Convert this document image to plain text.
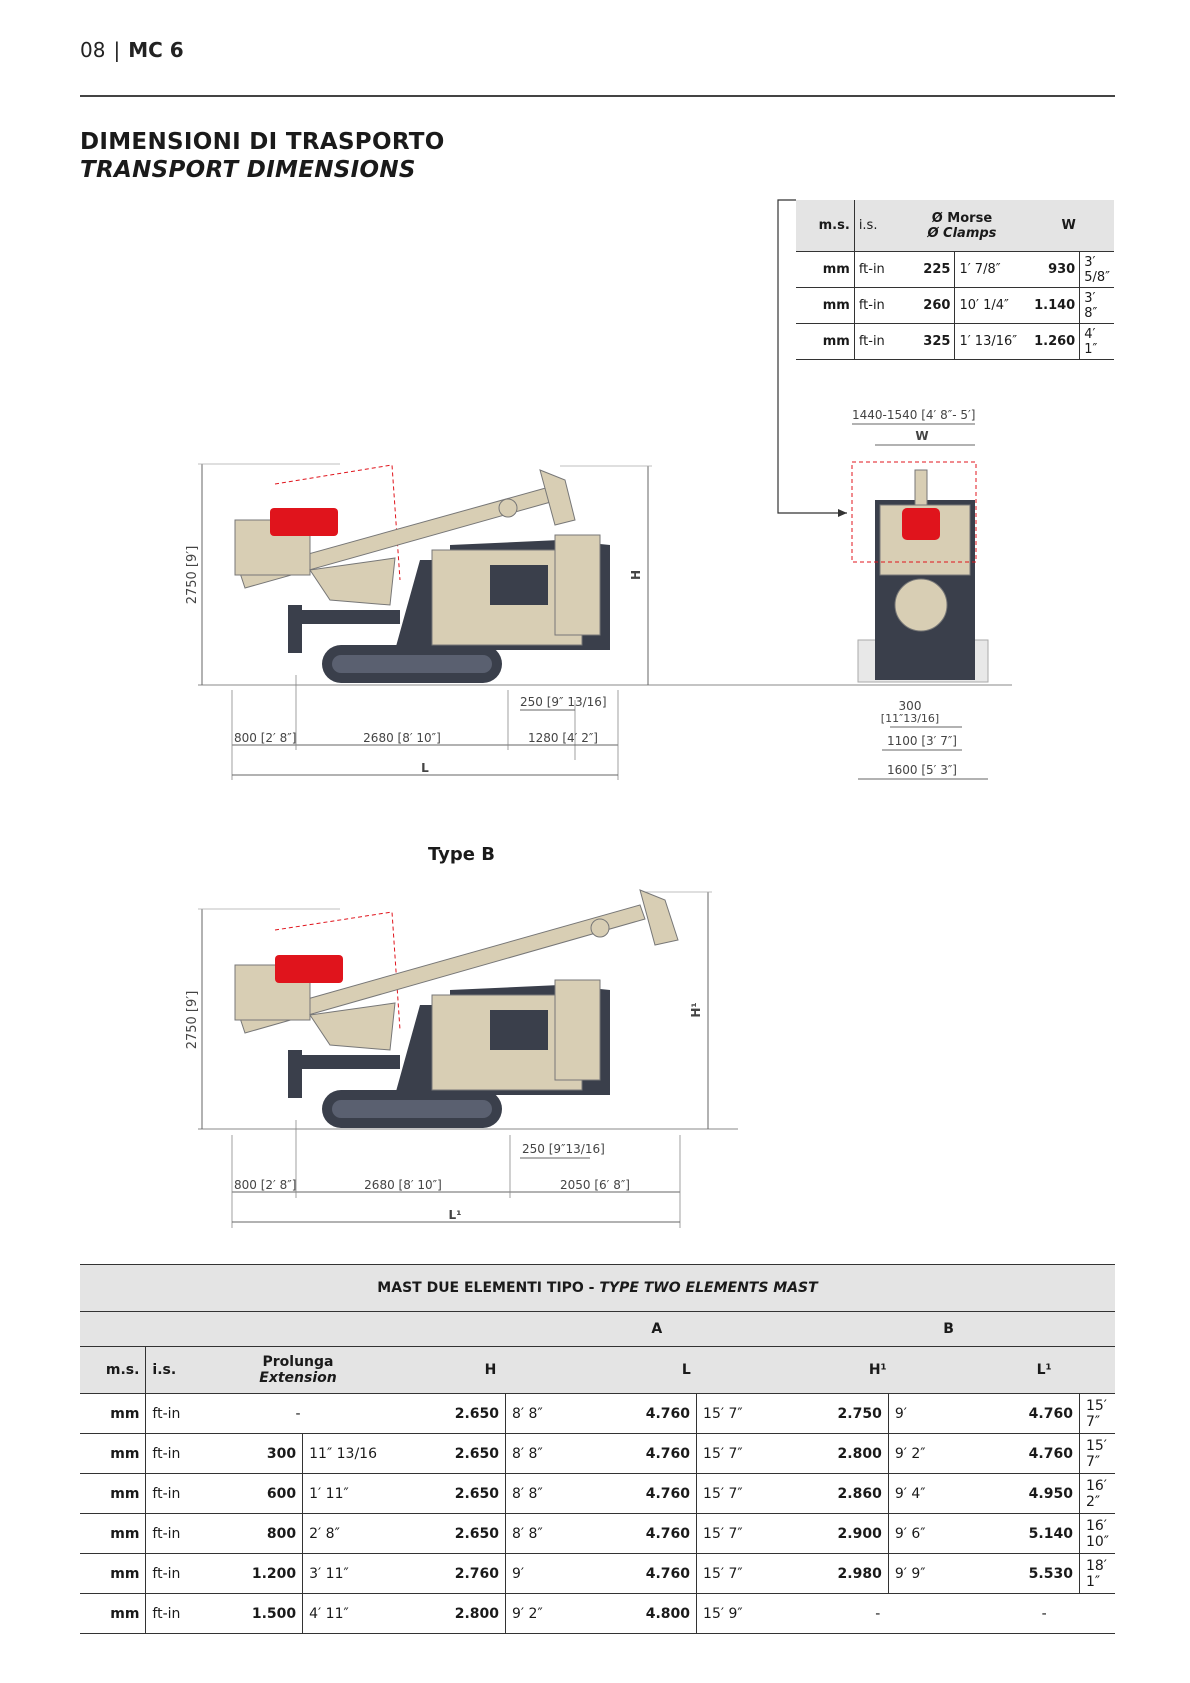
08 | MC 6
DIMENSIONI DI TRASPORTO
TRANSPORT DIMENSIONS
m.s.	i.s.	Ø Morse
Ø Clamps		W	
mm	ft-in	225	1′ 7/8″	930	3′ 5/8″
mm	ft-in	260	10′ 1/4″	1.140	3′ 8″
mm	ft-in	325	1′ 13/16″	1.260	4′ 1″
2750 [9′]	H
250 [9″ 13/16]
800 [2′ 8″]	2680 [8′ 10″]	1280 [4′ 2″]
L
1440-1540 [4′ 8″- 5′]
W
300
[11″13/16]
1100 [3′ 7″]
1600 [5′ 3″]
2750 [9′]	H¹
250 [9″13/16]
800 [2′ 8″]	2680 [8′ 10″]	2050 [6′ 8″]
L¹
Type B
MAST DUE ELEMENTI TIPO - TYPE TWO ELEMENTS MAST											
A								B			
m.s.	i.s.	Prolunga
Extension		H		L		H¹		L¹	
mm	ft-in	-		2.650	8′ 8″	4.760	15′ 7″	2.750	9′	4.760	15′ 7″
mm	ft-in	300	11″ 13/16	2.650	8′ 8″	4.760	15′ 7″	2.800	9′ 2″	4.760	15′ 7″
mm	ft-in	600	1′ 11″	2.650	8′ 8″	4.760	15′ 7″	2.860	9′ 4″	4.950	16′ 2″
mm	ft-in	800	2′ 8″	2.650	8′ 8″	4.760	15′ 7″	2.900	9′ 6″	5.140	16′ 10″
mm	ft-in	1.200	3′ 11″	2.760	9′	4.760	15′ 7″	2.980	9′ 9″	5.530	18′ 1″
mm	ft-in	1.500	4′ 11″	2.800	9′ 2″	4.800	15′ 9″	-		-	
